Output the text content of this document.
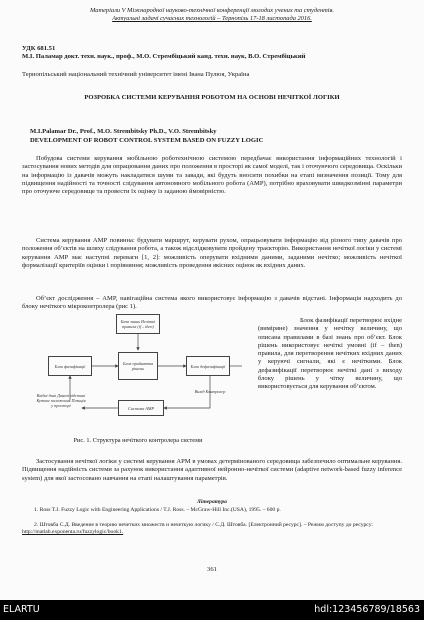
Матеріали V Міжнародної науково-технічної конференції молодих учених та студентів.
Актуальні задачі сучасних технологій – Тернопіль 17-18 листопада 2016.
УДК 681.51
М.І. Паламар докт. техн. наук., проф., М.О. Стрембіцький канд. техн. наук, В.О. Стрембіцький
Тернопільський національний технічний університет імені Івана Пулюя, Україна
РОЗРОБКА СИСТЕМИ КЕРУВАННЯ РОБОТОМ НА ОСНОВІ НЕЧІТКОЇ ЛОГІКИ
M.I.Palamar Dr., Prof., M.O. Strembitsky Ph.D., V.O. Strembitsky
DEVELOPMENT OF ROBOT CONTROL SYSTEM BASED ON FUZZY LOGIC
Побудова системи керування мобільною роботехнічною системою передбачає використання інформаційних технологій і застосування нових методів для опрацювання даних про положення в просторі як самої моделі, так і оточуючого середовища. Оскільки на інформацію із давачів можуть накладатися шуми та завади, які будуть вносити похибки на етапі визначення позиції. Тому для підвищення надійності та точності слідування автономного мобільного робота (АМР), потрібно враховувати швидкозмінні параметри про оточуюче середовище та провести їх оцінку із заданою ймовірністю.
Система керування АМР повинна: будувати маршрут, керувати рухом, опрацьовувати інформацію від різного типу давачів про положення об’єктів на шляху слідування робота, а також відслідковувати пройдену траєкторію. Використання нечіткої логіки у системі керування АМР має наступні переваги [1, 2]: можливість оперувати вхідними даними, заданими нечітко; можливість нечіткої формалізації критеріїв оцінки і порівняння; можливість проведення якісних оцінок як вхідних даних.
Об’єкт дослідження – АМР, навігаційна система якого використовує інформацію з давачів відстані. Інформація надходить до блоку нечіткого мікроконтролера (рис 1).
База знань Нечіткі правила (if – then)
Блок фазифікації	Блок прийняття рішень	Блок дефазифікації
Вхідні дані Давачі відстані Кутове положення Позиція у просторі
Система АМР
Вихід Контролер
Рис. 1. Структура нечіткого контролера системи
Блок фазифікації перетворює вхідне (виміряне) значення у нечітку величину, що описана правилами в базі знань про об’єкт. Блок рішень використовує нечіткі умовні (if – then) правила, для перетворення нечітких вхідних даних у керуючі сигнали, які є нечіткими. Блок дефазифікації перетворює нечіткі дані з виходу блоку рішень у чітку величину, що використовується для керування об’єктом.
Застосування нечіткої логіки у системі керування АРМ в умовах детермінованого середовища забезпечило оптимальне керування. Підвищення надійність системи за рахунок використання адаптивної нейронно-нечіткої системи (adaptive network-based fuzzy inference system) для якої застосовано навчання на етапі налаштування параметрів.
Література
1. Ross T.J. Fuzzy Logic with Engineering Applications / T.J. Ross. – McGraw-Hill Inc.(USA), 1995. – 600 p.
2. Штовба С.Д. Введение в теорию нечетких множеств и нечеткую логику / С.Д. Штовба. [Електронний ресурс]. – Режим доступу до ресурсу: http://matlab.exponenta.ru/fuzzylogic/book1.
361
ELARTU	hdl:123456789/18563
